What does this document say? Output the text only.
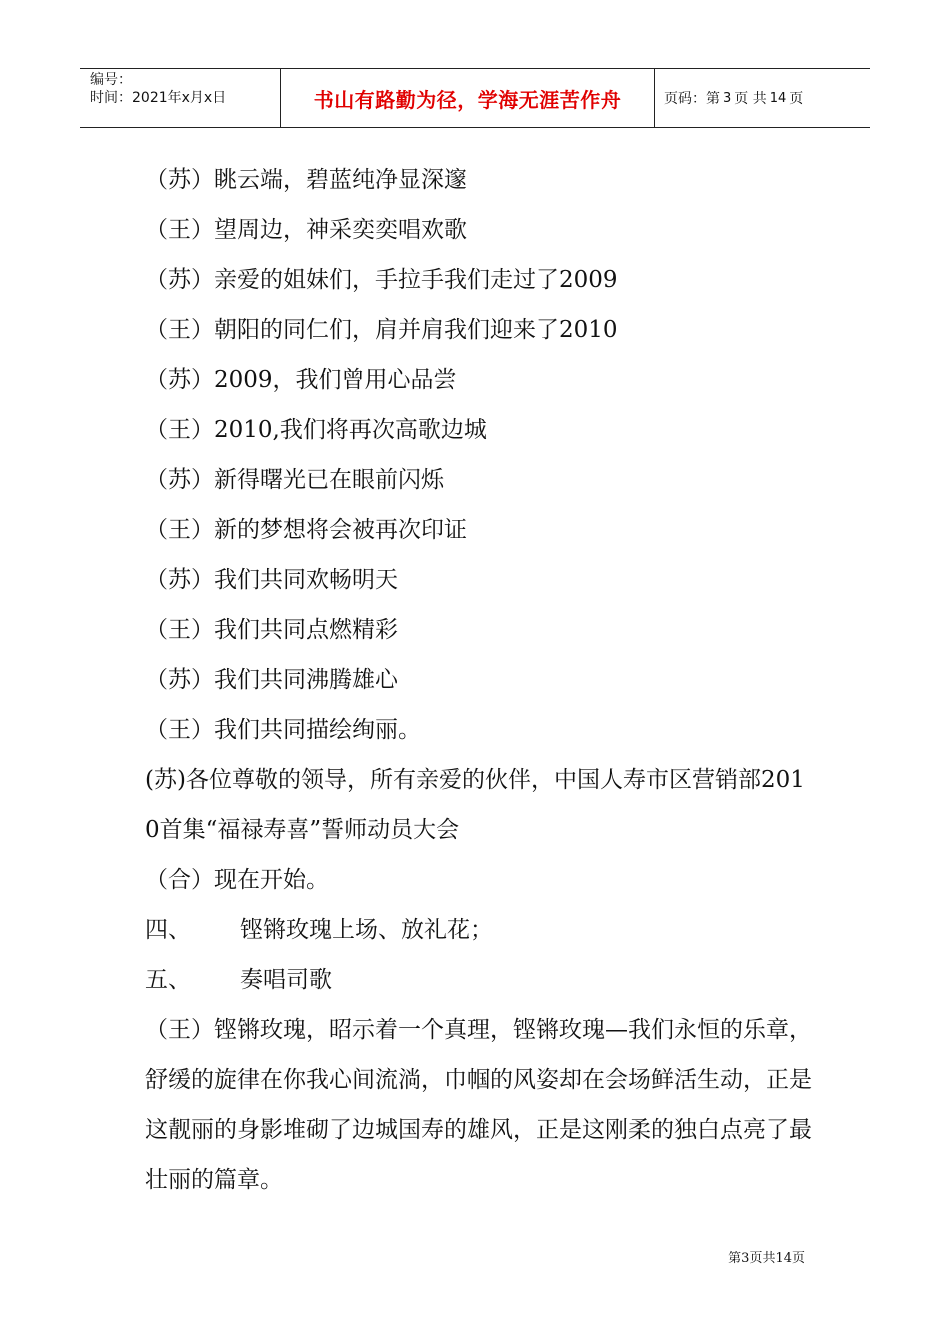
编号：
时间：2021年x月x日	书山有路勤为径，学海无涯苦作舟	页码：第 3 页 共 14 页
（苏）眺云端，碧蓝纯净显深邃
（王）望周边，神采奕奕唱欢歌
（苏）亲爱的姐妹们，手拉手我们走过了2009
（王）朝阳的同仁们，肩并肩我们迎来了2010
（苏）2009，我们曾用心品尝
（王）2010,我们将再次高歌边城
（苏）新得曙光已在眼前闪烁
（王）新的梦想将会被再次印证
（苏）我们共同欢畅明天
（王）我们共同点燃精彩
（苏）我们共同沸腾雄心
（王）我们共同描绘绚丽。
(苏)各位尊敬的领导，所有亲爱的伙伴，中国人寿市区营销部2010首集“福禄寿喜”誓师动员大会
（合）现在开始。
四、 铿锵玫瑰上场、放礼花；
五、 奏唱司歌
（王）铿锵玫瑰，昭示着一个真理，铿锵玫瑰—我们永恒的乐章，舒缓的旋律在你我心间流淌，巾帼的风姿却在会场鲜活生动，正是这靓丽的身影堆砌了边城国寿的雄风，正是这刚柔的独白点亮了最壮丽的篇章。
第3页共14页
